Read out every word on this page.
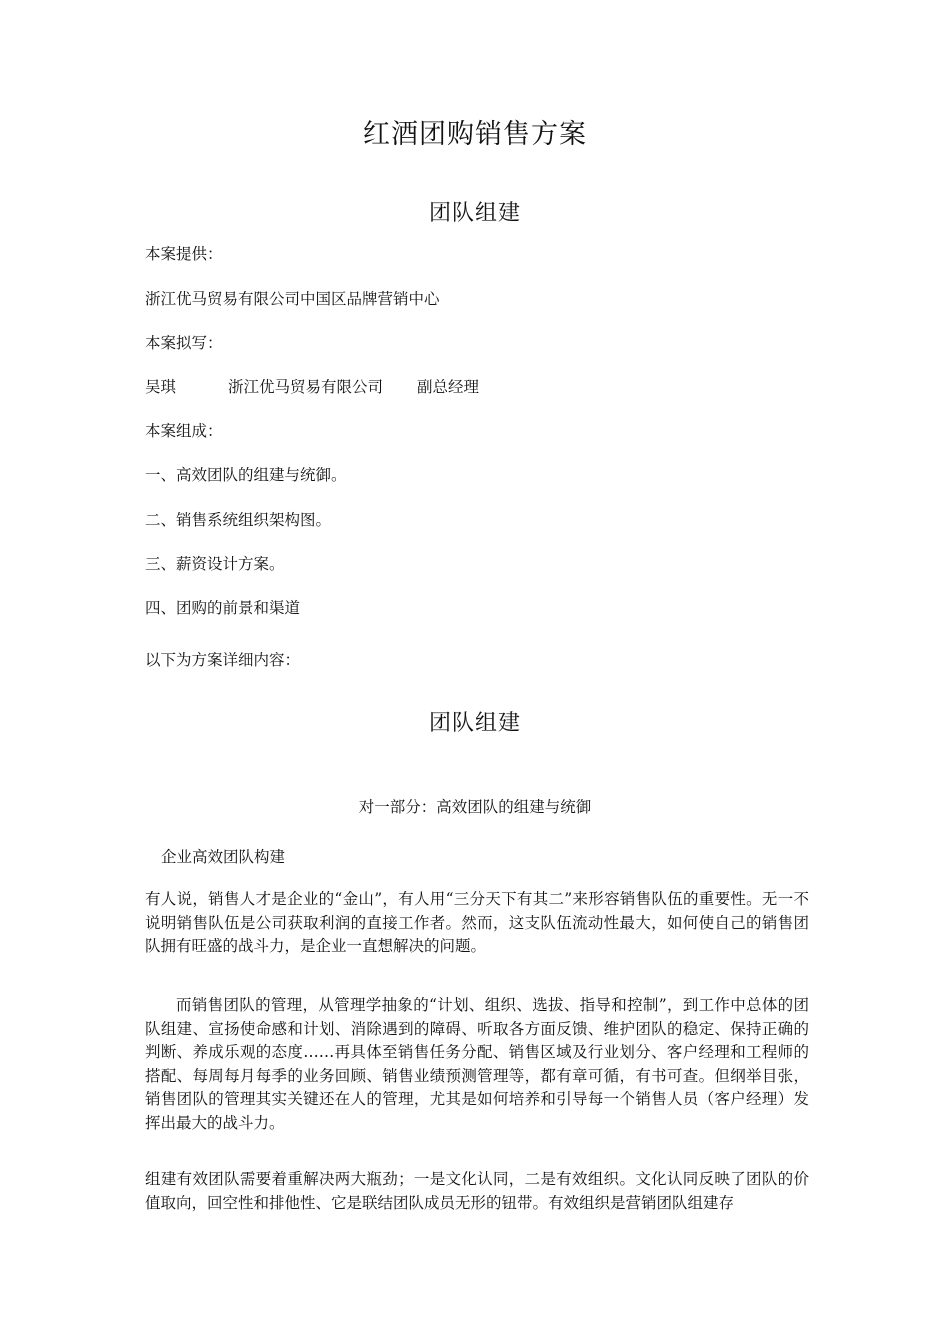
红酒团购销售方案
团队组建
本案提供：
浙江优马贸易有限公司中国区品牌营销中心
本案拟写：
吴琪	浙江优马贸易有限公司 副总经理
本案组成：
一、高效团队的组建与统御。
二、销售系统组织架构图。
三、薪资设计方案。
四、团购的前景和渠道
以下为方案详细内容：
团队组建
对一部分：高效团队的组建与统御
企业高效团队构建
有人说，销售人才是企业的“金山”，有人用“三分天下有其二”来形容销售队伍的重要性。无一不说明销售队伍是公司获取利润的直接工作者。然而，这支队伍流动性最大，如何使自己的销售团队拥有旺盛的战斗力，是企业一直想解决的问题。
而销售团队的管理，从管理学抽象的“计划、组织、选拔、指导和控制”，到工作中总体的团队组建、宣扬使命感和计划、消除遇到的障碍、听取各方面反馈、维护团队的稳定、保持正确的判断、养成乐观的态度……再具体至销售任务分配、销售区域及行业划分、客户经理和工程师的搭配、每周每月每季的业务回顾、销售业绩预测管理等，都有章可循，有书可查。但纲举目张，销售团队的管理其实关键还在人的管理，尤其是如何培养和引导每一个销售人员（客户经理）发挥出最大的战斗力。
组建有效团队需要着重解决两大瓶劲；一是文化认同，二是有效组织。文化认同反映了团队的价值取向，回空性和排他性、它是联结团队成员无形的钮带。有效组织是营销团队组建存
